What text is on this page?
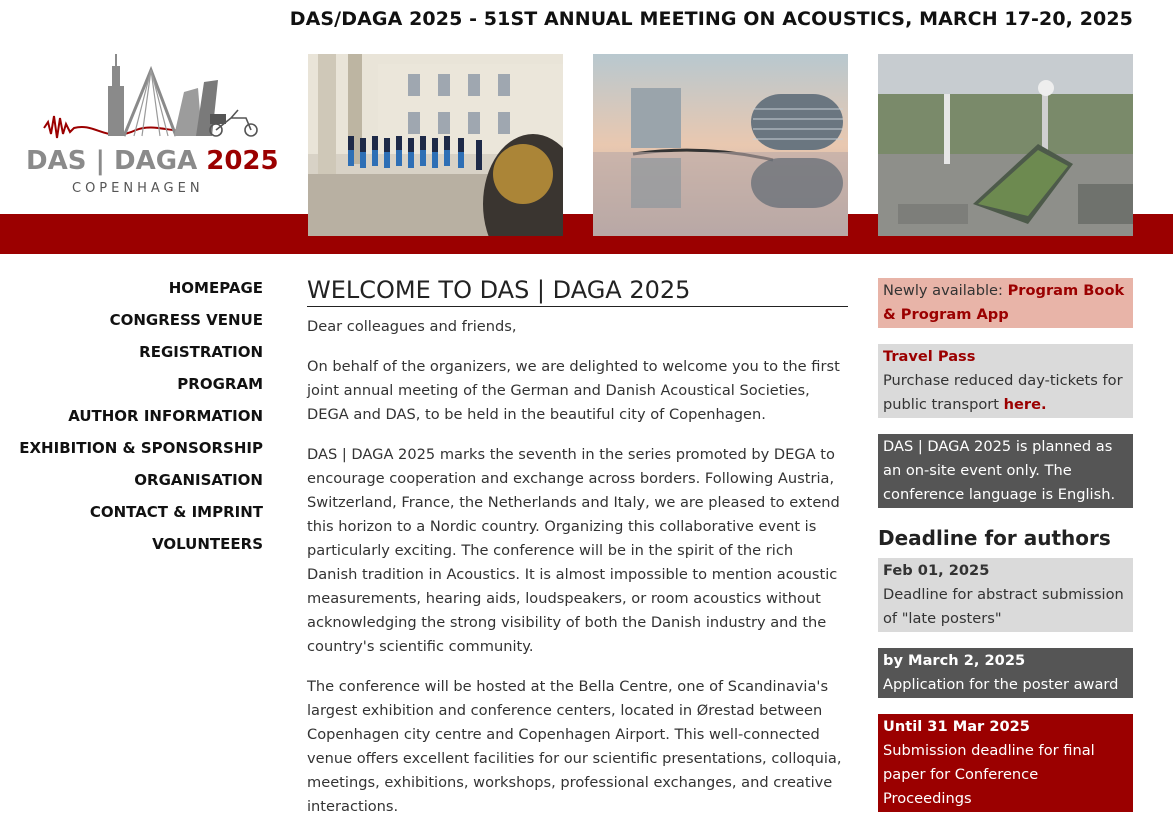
DAS/DAGA 2025 - 51ST ANNUAL MEETING ON ACOUSTICS, MARCH 17-20, 2025
DAS | DAGA 2025
COPENHAGEN
HOMEPAGE
CONGRESS VENUE
REGISTRATION
PROGRAM
AUTHOR INFORMATION
EXHIBITION & SPONSORSHIP
ORGANISATION
CONTACT & IMPRINT
VOLUNTEERS
WELCOME TO DAS | DAGA 2025

Dear colleagues and friends,

On behalf of the organizers, we are delighted to welcome you to the first joint annual meeting of the German and Danish Acoustical Societies, DEGA and DAS, to be held in the beautiful city of Copenhagen.

DAS | DAGA 2025 marks the seventh in the series promoted by DEGA to encourage cooperation and exchange across borders. Following Austria, Switzerland, France, the Netherlands and Italy, we are pleased to extend this horizon to a Nordic country. Organizing this collaborative event is particularly exciting. The conference will be in the spirit of the rich Danish tradition in Acoustics. It is almost impossible to mention acoustic measurements, hearing aids, loudspeakers, or room acoustics without acknowledging the strong visibility of both the Danish industry and the country's scientific community.

The conference will be hosted at the Bella Centre, one of Scandinavia's largest exhibition and conference centers, located in Ørestad between Copenhagen city centre and Copenhagen Airport. This well-connected venue offers excellent facilities for our scientific presentations, colloquia, meetings, exhibitions, workshops, professional exchanges, and creative interactions.

Newly available: Program Book & Program App
Travel Pass
Purchase reduced day-tickets for public transport here.
DAS | DAGA 2025 is planned as an on-site event only. The conference language is English.
Deadline for authors
Feb 01, 2025
Deadline for abstract submission of "late posters"
by March 2, 2025
Application for the poster award
Until 31 Mar 2025
Submission deadline for final paper for Conference Proceedings
